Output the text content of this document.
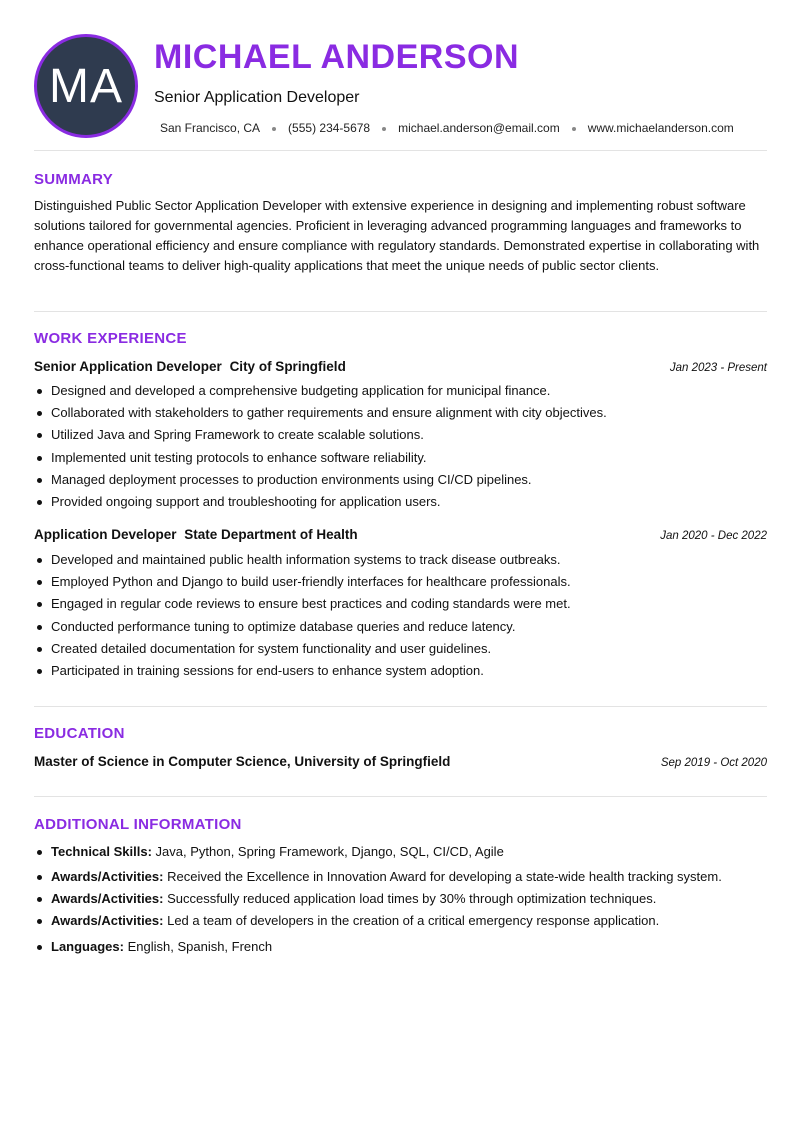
MA
MICHAEL ANDERSON
Senior Application Developer
San Francisco, CA (555) 234-5678 michael.anderson@email.com www.michaelanderson.com
SUMMARY
Distinguished Public Sector Application Developer with extensive experience in designing and implementing robust software solutions tailored for governmental agencies. Proficient in leveraging advanced programming languages and frameworks to enhance operational efficiency and ensure compliance with regulatory standards. Demonstrated expertise in collaborating with cross-functional teams to deliver high-quality applications that meet the unique needs of public sector clients.
WORK EXPERIENCE
Senior Application Developer City of Springfield	Jan 2023 - Present
Designed and developed a comprehensive budgeting application for municipal finance.
Collaborated with stakeholders to gather requirements and ensure alignment with city objectives.
Utilized Java and Spring Framework to create scalable solutions.
Implemented unit testing protocols to enhance software reliability.
Managed deployment processes to production environments using CI/CD pipelines.
Provided ongoing support and troubleshooting for application users.
Application Developer State Department of Health	Jan 2020 - Dec 2022
Developed and maintained public health information systems to track disease outbreaks.
Employed Python and Django to build user-friendly interfaces for healthcare professionals.
Engaged in regular code reviews to ensure best practices and coding standards were met.
Conducted performance tuning to optimize database queries and reduce latency.
Created detailed documentation for system functionality and user guidelines.
Participated in training sessions for end-users to enhance system adoption.
EDUCATION
Master of Science in Computer Science, University of Springfield	Sep 2019 - Oct 2020
ADDITIONAL INFORMATION
Technical Skills: Java, Python, Spring Framework, Django, SQL, CI/CD, Agile
Awards/Activities: Received the Excellence in Innovation Award for developing a state-wide health tracking system.
Awards/Activities: Successfully reduced application load times by 30% through optimization techniques.
Awards/Activities: Led a team of developers in the creation of a critical emergency response application.
Languages: English, Spanish, French
